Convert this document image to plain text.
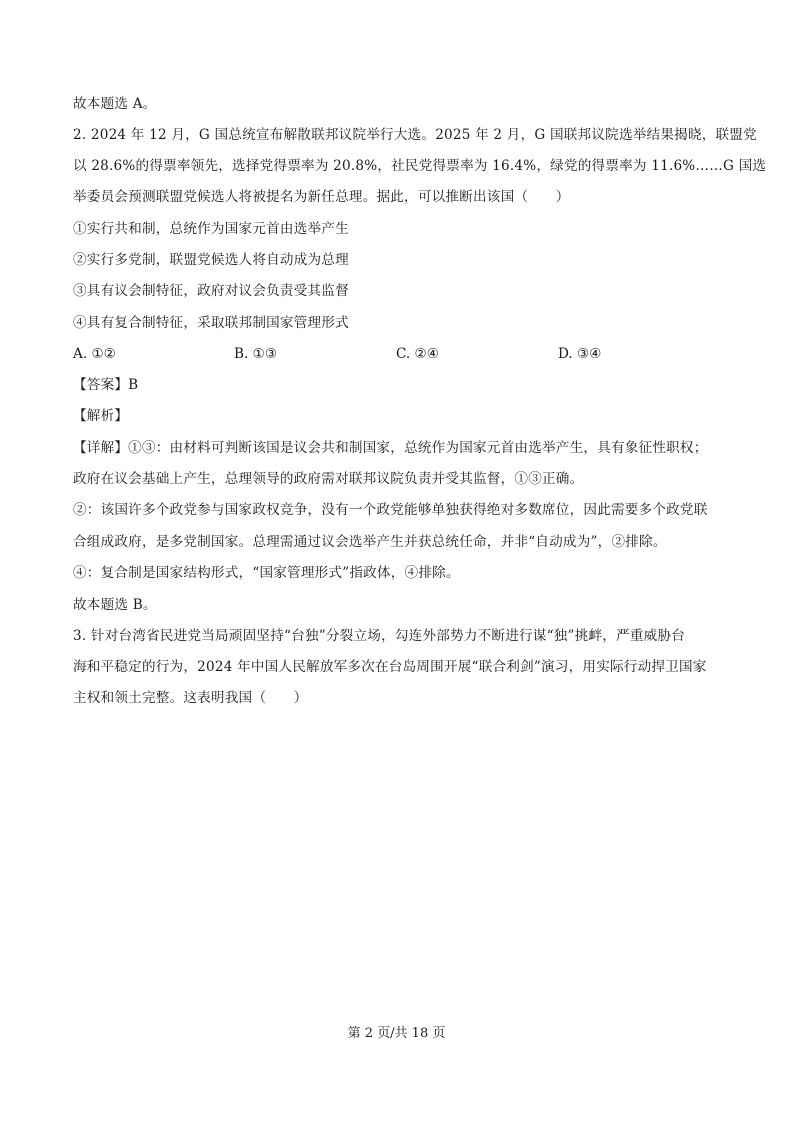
故本题选 A。
2. 2024 年 12 月，G 国总统宣布解散联邦议院举行大选。2025 年 2 月，G 国联邦议院选举结果揭晓，联盟党
以 28.6%的得票率领先，选择党得票率为 20.8%，社民党得票率为 16.4%，绿党的得票率为 11.6%……G 国选
举委员会预测联盟党候选人将被提名为新任总理。据此，可以推断出该国（　　）
①实行共和制，总统作为国家元首由选举产生
②实行多党制，联盟党候选人将自动成为总理
③具有议会制特征，政府对议会负责受其监督
④具有复合制特征，采取联邦制国家管理形式
A. ①②	B. ①③	C. ②④	D. ③④
【答案】B
【解析】
【详解】①③：由材料可判断该国是议会共和制国家，总统作为国家元首由选举产生，具有象征性职权；
政府在议会基础上产生，总理领导的政府需对联邦议院负责并受其监督，①③正确。
②：该国许多个政党参与国家政权竞争，没有一个政党能够单独获得绝对多数席位，因此需要多个政党联
合组成政府，是多党制国家。总理需通过议会选举产生并获总统任命，并非“自动成为”，②排除。
④：复合制是国家结构形式，“国家管理形式”指政体，④排除。
故本题选 B。
3. 针对台湾省民进党当局顽固坚持“台独”分裂立场，勾连外部势力不断进行谋“独”挑衅，严重威胁台
海和平稳定的行为，2024 年中国人民解放军多次在台岛周围开展“联合利剑”演习，用实际行动捍卫国家
主权和领土完整。这表明我国（　　）
第 2 页/共 18 页
